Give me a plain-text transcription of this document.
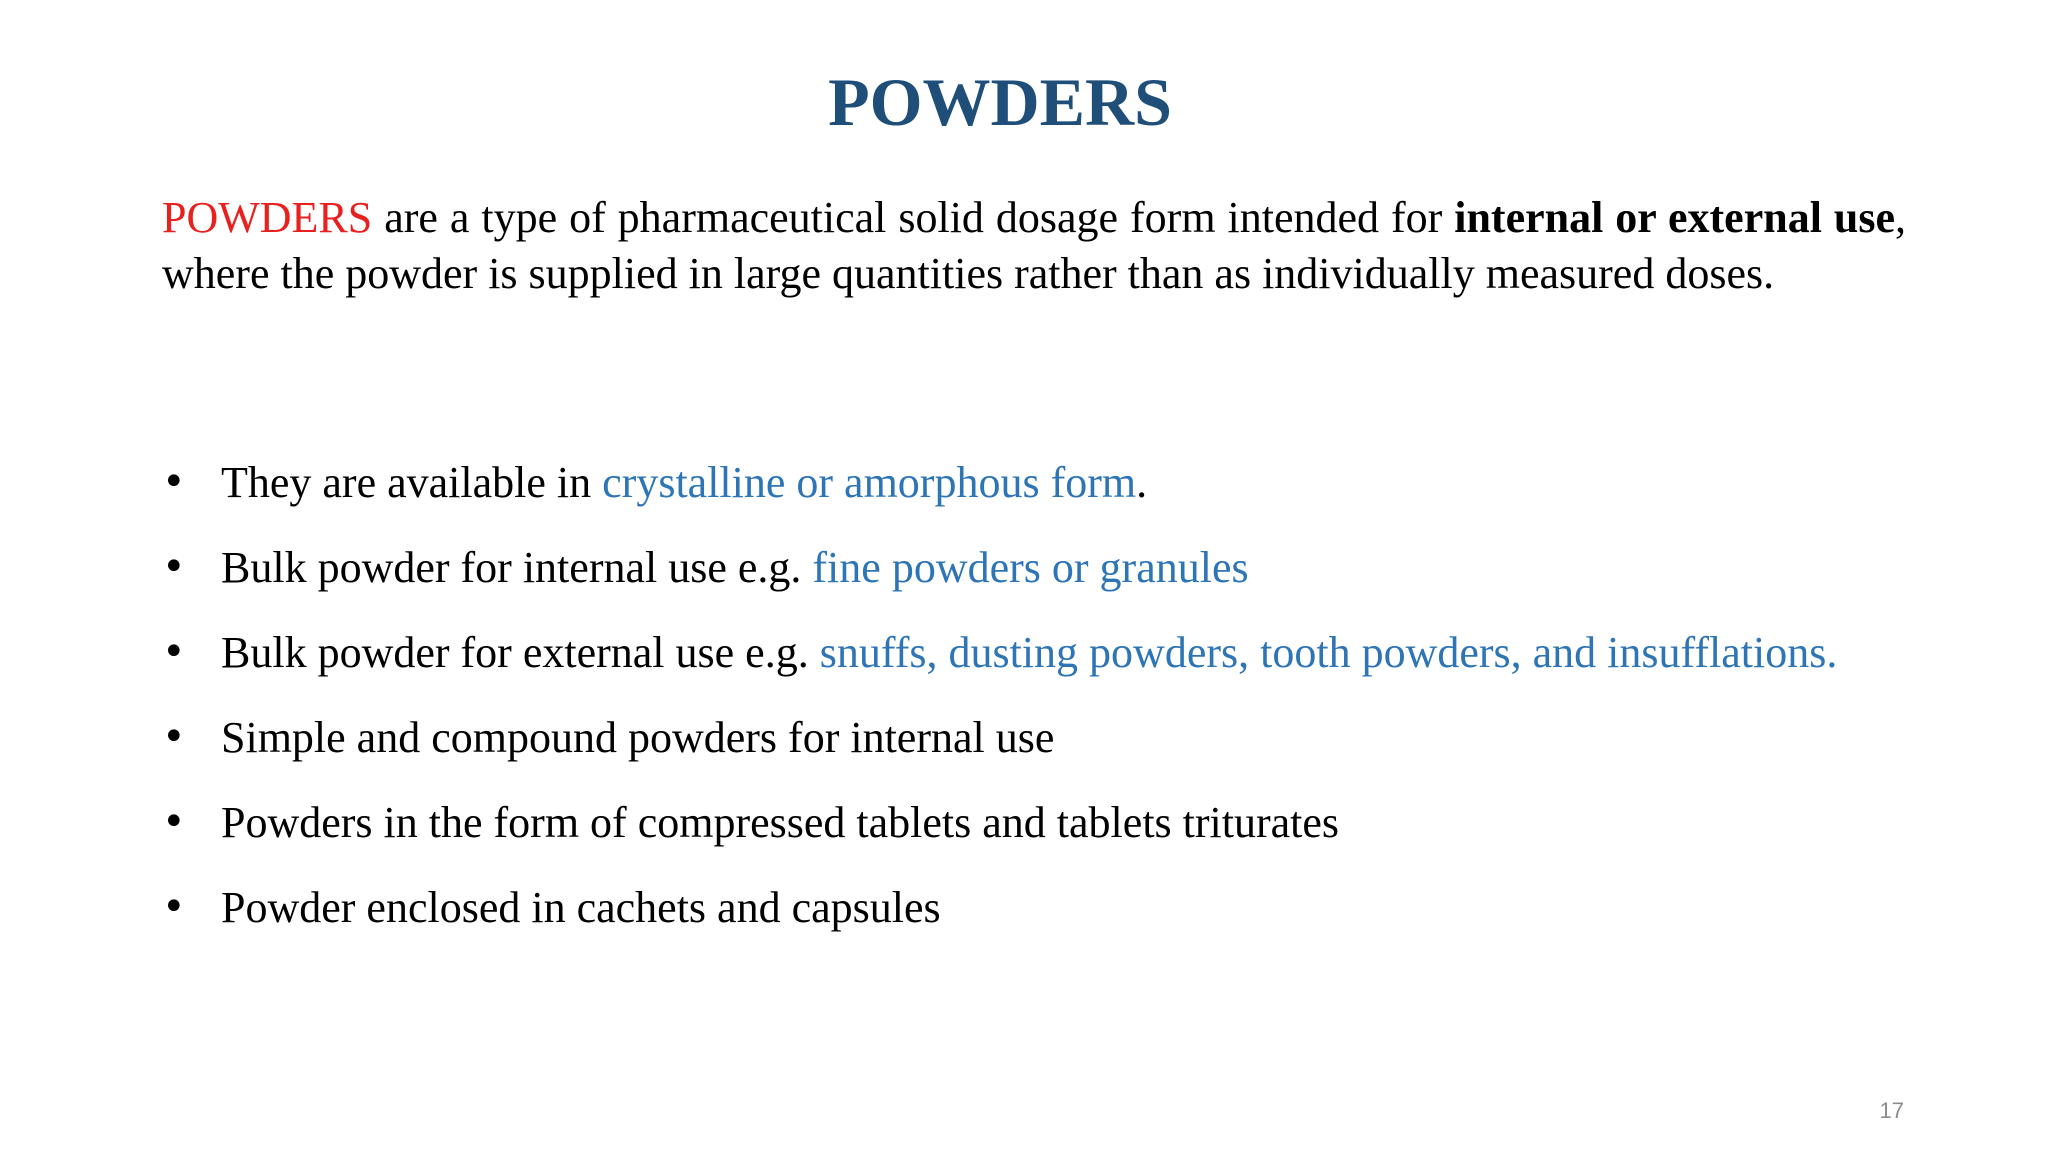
POWDERS

POWDERS are a type of pharmaceutical solid dosage form intended for internal or external use, where the powder is supplied in large quantities rather than as individually measured doses.

• They are available in crystalline or amorphous form.
• Bulk powder for internal use e.g. fine powders or granules
• Bulk powder for external use e.g. snuffs, dusting powders, tooth powders, and insufflations.
• Simple and compound powders for internal use
• Powders in the form of compressed tablets and tablets triturates
• Powder enclosed in cachets and capsules
17
